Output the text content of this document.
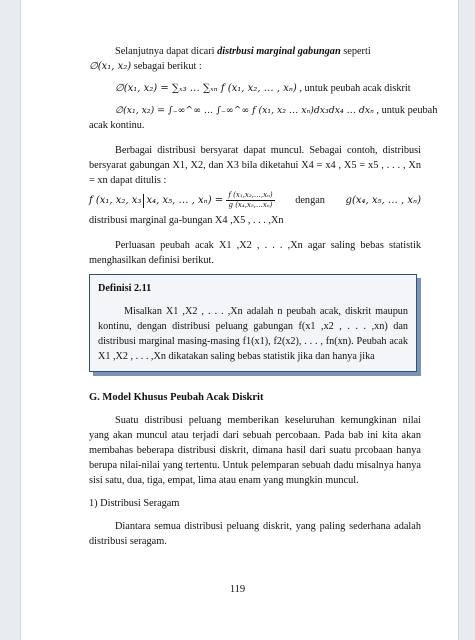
Selanjutnya dapat dicari distrbusi marginal gabungan seperti

∅(x₁, x₂) sebagai berikut :

∅(x₁, x₂) = ∑ₓ₃ … ∑ₓₙ f (x₁, x₂, … , xₙ) , untuk peubah acak diskrit

∅(x₁, x₂) = ∫₋∞^∞ … ∫₋∞^∞ f (x₁, x₂ … xₙ)dx₃dx₄ … dxₙ , untuk peubah

acak kontinu.

Berbagai distribusi bersyarat dapat muncul. Sebagai contoh, distribusi bersyarat gabungan X1, X2, dan X3 bila diketahui X4 = x4 , X5 = x5 , . . . , Xn = xn dapat ditulis :

f (x₁, x₂, x₃ x₄, x₅, … , $x_n) = \frac{\text{f (x₁,x₂,…,xₙ)}}{\text{g (x₄,x₅,…xₙ)}}$ dengan g(x₄, x₅, … , xₙ)

distribusi marginal ga-bungan X4 ,X5 , . . . ,Xn

Perluasan peubah acak X1 ,X2 , . . . ,Xn agar saling bebas statistik menghasilkan definisi berikut.

Definisi 2.11

Misalkan X1 ,X2 , . . . ,Xn adalah n peubah acak, diskrit maupun kontinu, dengan distribusi peluang gabungan f(x1 ,x2 , . . . ,xn) dan distribusi marginal masing-masing f1(x1), f2(x2), . . . , fn(xn). Peubah acak X1 ,X2 , . . . ,Xn dikatakan saling bebas statistik jika dan hanya jika

G. Model Khusus Peubah Acak Diskrit

Suatu distribusi peluang memberikan keseluruhan kemungkinan nilai yang akan muncul atau terjadi dari sebuah percobaan. Pada bab ini kita akan membahas beberapa distribusi diskrit, dimana hasil dari suatu prcobaan hanya berupa nilai-nilai yang tertentu. Untuk pelemparan sebuah dadu misalnya hanya sisi satu, dua, tiga, empat, lima atau enam yang mungkin muncul.

1) Distribusi Seragam

Diantara semua distribusi peluang diskrit, yang paling sederhana adalah distribusi seragam.

119
